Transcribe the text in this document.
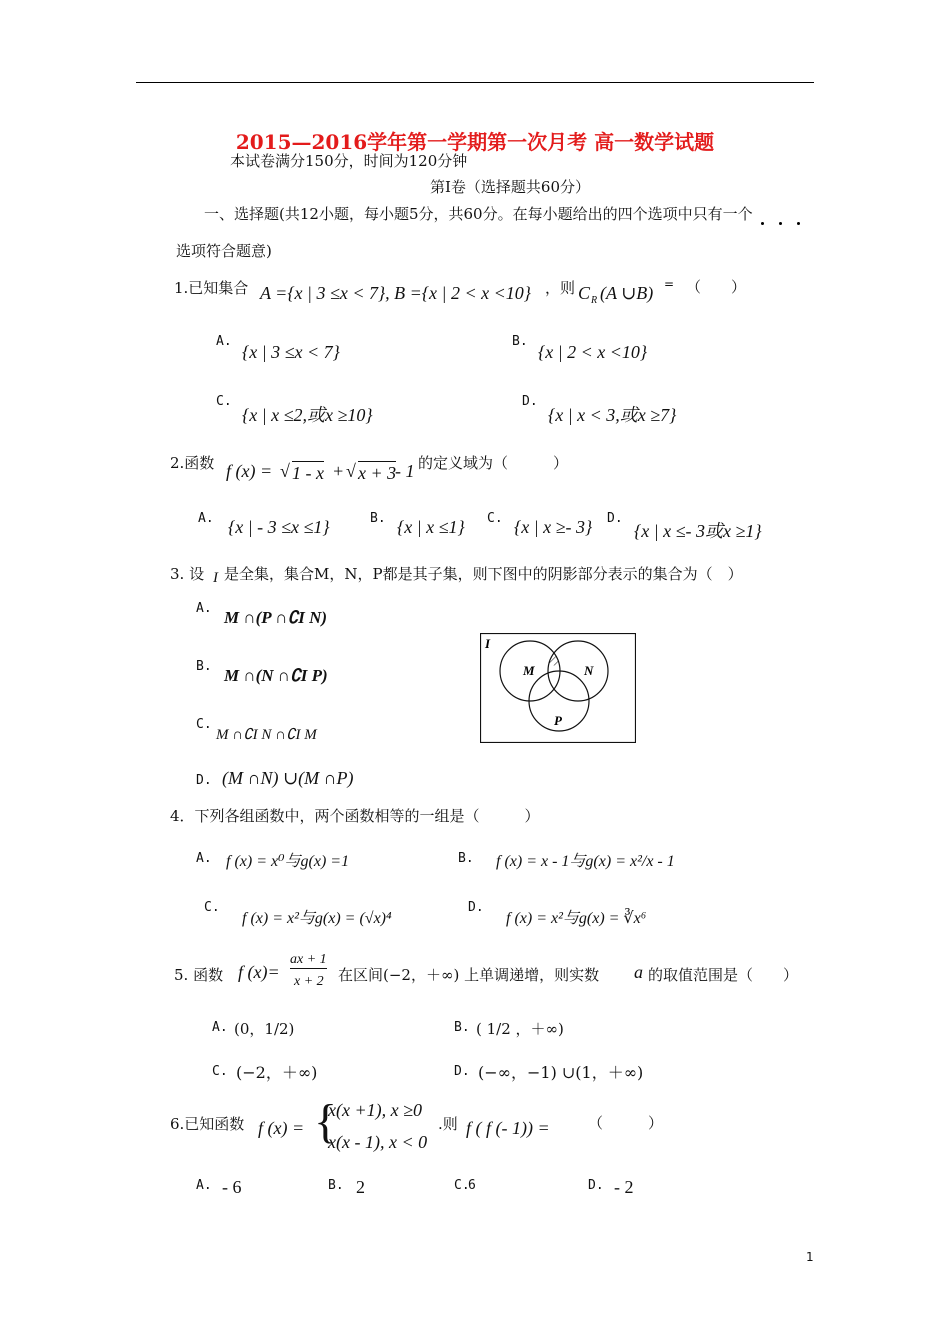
2015—2016学年第一学期第一次月考 高一数学试题
本试卷满分150分，时间为120分钟
第Ⅰ卷（选择题共60分）
一、选择题(共12小题，每小题5分，共60分。在每小题给出的四个选项中只有一个
选项符合题意)
1.已知集合 A ={x | 3 ≤x < 7}, B ={x | 2 < x <10} ，则 C R (A ∪B) = （　　）
A.
{x | 3 ≤x < 7}
B.
{x | 2 < x <10}
C.
{x | x ≤2,或x ≥10}
D.
{x | x < 3,或x ≥7}
2.函数 f (x) = √ 1 - x + √ x + 3
- 1 的定义域为（　　　）
A. {x | - 3 ≤x ≤1}	B. {x | x ≤1} C. {x | x ≥- 3} D.
{x | x ≤- 3或x ≥1}
3. 设 I 是全集，集合M，N，P都是其子集，则下图中的阴影部分表示的集合为（　）
A. M ∩(P ∩∁I N)
B. M ∩(N ∩∁I P)
C.
M ∩∁I N ∩∁I M
D. (M ∩N) ∪(M ∩P)
I
M	N
P
4．下列各组函数中，两个函数相等的一组是（　　　）
A. f (x) = x⁰与g(x) =1	B. f (x) = x - 1与g(x) = x²/x - 1
C.
f (x) = x²与g(x) = (√x)⁴
D.
f (x) = x²与g(x) = ∛x⁶
5. 函数 f (x)=
ax + 1
x + 2 在区间(−2，＋∞) 上单调递增，则实数 a 的取值范围是（　　）
A. (0，1/2)	B. ( 1/2 ，＋∞)
C. (−2，＋∞)	D. (−∞，−1) ∪(1，＋∞)
6.已知函数 f (x) = {
x(x +1), x ≥0
x(x - 1), x < 0
.则 f ( f (- 1)) =	（　　　）
A. - 6	B. 2	C.
6	D. - 2
1
